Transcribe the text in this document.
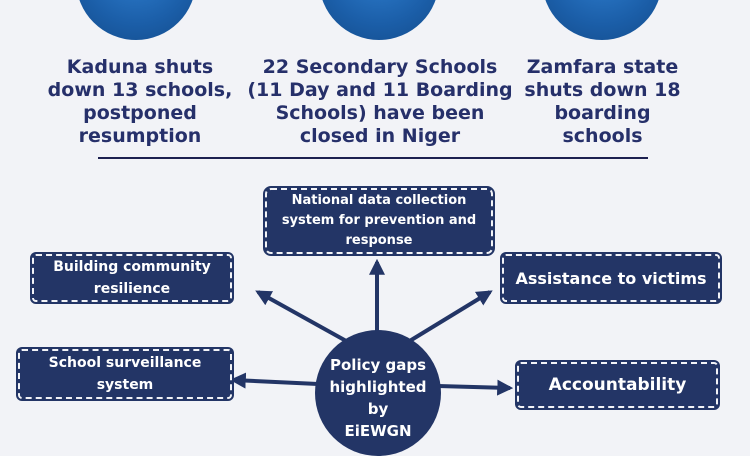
Kaduna shuts
down 13 schools,
postponed
resumption
22 Secondary Schools
(11 Day and 11 Boarding
Schools) have been
closed in Niger
Zamfara state
shuts down 18
boarding
schools
National data collection
system for prevention and
response
Building community
resilience
Assistance to victims
School surveillance
system	Accountability
Policy gaps
highlighted
by
EiEWGN
